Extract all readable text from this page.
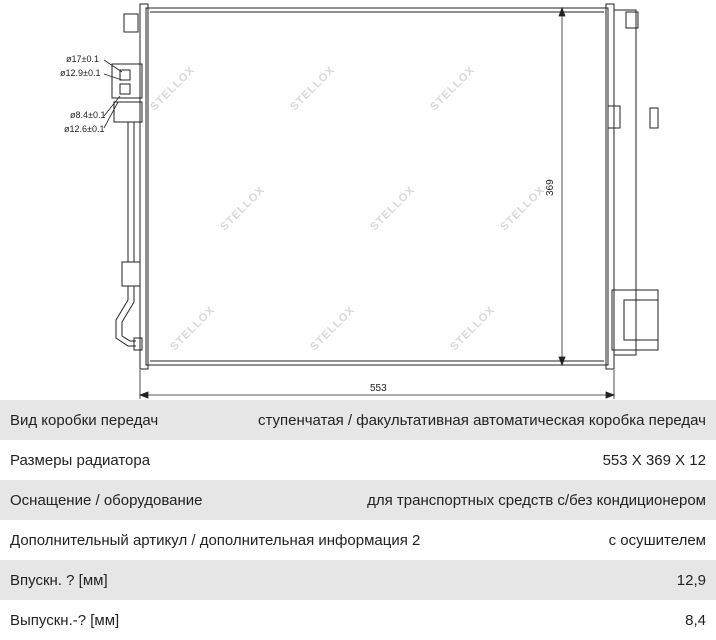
STELLOX	STELLOX	STELLOX
STELLOX	STELLOX	STELLOX
STELLOX	STELLOX	STELLOX
ø17±0.1
ø12.9±0.1
ø8.4±0.1
ø12.6±0.1
369
553
Вид коробки передач	ступенчатая / факультативная автоматическая коробка передач
Размеры радиатора	553 X 369 X 12
Оснащение / оборудование	для транспортных средств с/без кондиционером
Дополнительный артикул / дополнительная информация 2	с осушителем
Впускн. ? [мм]	12,9
Выпускн.-? [мм]	8,4
